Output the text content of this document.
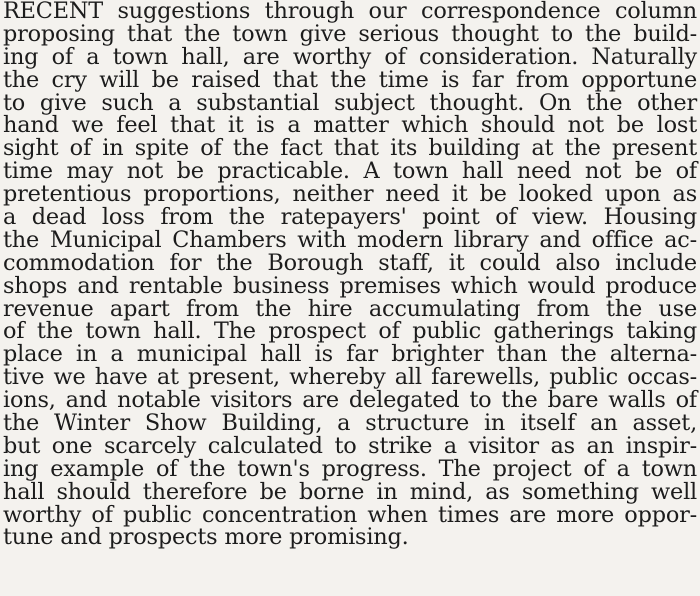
RECENT suggestions through our correspondence column
proposing that the town give serious thought to the build-
ing of a town hall, are worthy of consideration. Naturally
the cry will be raised that the time is far from opportune
to give such a substantial subject thought. On the other
hand we feel that it is a matter which should not be lost
sight of in spite of the fact that its building at the present
time may not be practicable. A town hall need not be of
pretentious proportions, neither need it be looked upon as
a dead loss from the ratepayers' point of view. Housing
the Municipal Chambers with modern library and office ac-
commodation for the Borough staff, it could also include
shops and rentable business premises which would produce
revenue apart from the hire accumulating from the use
of the town hall. The prospect of public gatherings taking
place in a municipal hall is far brighter than the alterna-
tive we have at present, whereby all farewells, public occas-
ions, and notable visitors are delegated to the bare walls of
the Winter Show Building, a structure in itself an asset,
but one scarcely calculated to strike a visitor as an inspir-
ing example of the town's progress. The project of a town
hall should therefore be borne in mind, as something well
worthy of public concentration when times are more oppor-
tune and prospects more promising.
